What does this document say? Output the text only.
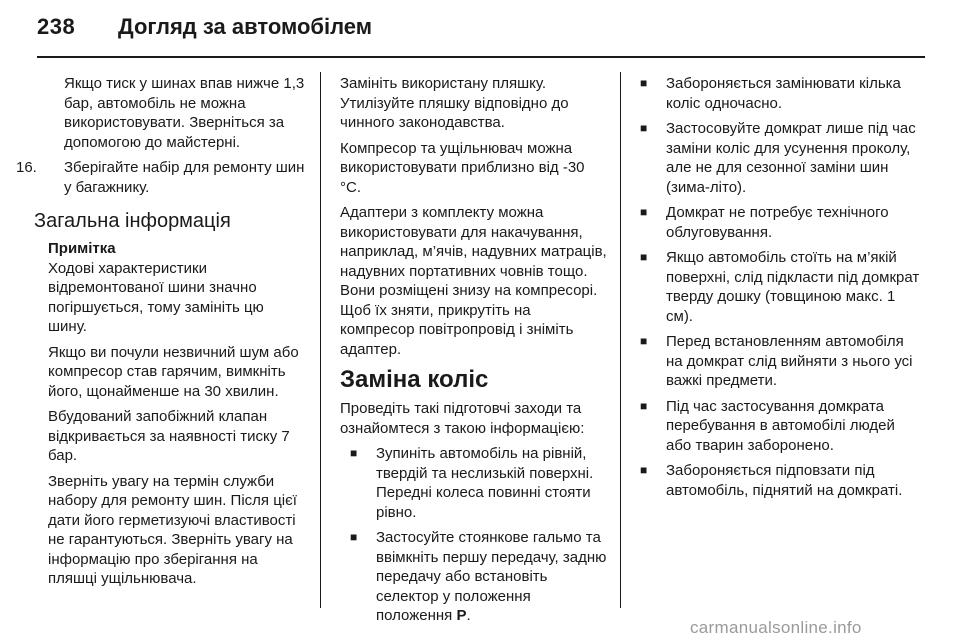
238 Догляд за автомобілем

Якщо тиск у шинах впав нижче 1,3 бар, автомобіль не можна використовувати. Зверніться за допомогою до майстерні.

16.	Зберігайте набір для ремонту шин у багажнику.
Загальна інформація
Примітка

Ходові характеристики відремонтованої шини значно погіршується, тому замініть цю шину.

Якщо ви почули незвичний шум або компресор став гарячим, вимкніть його, щонайменше на 30 хвилин.

Вбудований запобіжний клапан відкривається за наявності тиску 7 бар.

Зверніть увагу на термін служби набору для ремонту шин. Після цієї дати його герметизуючі властивості не гарантуються. Зверніть увагу на інформацію про зберігання на пляшці ущільнювача.

Замініть використану пляшку. Утилізуйте пляшку відповідно до чинного законодавства.

Компресор та ущільнювач можна використовувати приблизно від -30 °C.

Адаптери з комплекту можна використовувати для накачування, наприклад, м’ячів, надувних матраців, надувних портативних човнів тощо. Вони розміщені знизу на компресорі. Щоб їх зняти, прикрутіть на компресор повітропровід і зніміть адаптер.

Заміна коліс

Проведіть такі підготовчі заходи та ознайомтеся з такою інформацією:

■	Зупиніть автомобіль на рівній, твердій та неслизькій поверхні. Передні колеса повинні стояти рівно.
■	Застосуйте стоянкове гальмо та ввімкніть першу передачу, задню передачу або встановіть селектор у положення положення P.
■	Забороняється замінювати кілька коліс одночасно.
■	Застосовуйте домкрат лише під час заміни коліс для усунення проколу, але не для сезонної заміни шин (зима-літо).
■	Домкрат не потребує технічного облуговування.
■	Якщо автомобіль стоїть на м’якій поверхні, слід підкласти під домкрат тверду дошку (товщиною макс. 1 см).
■	Перед встановленням автомобіля на домкрат слід вийняти з нього усі важкі предмети.
■	Під час застосування домкрата перебування в автомобілі людей або тварин заборонено.
■	Забороняється підповзати під автомобіль, піднятий на домкраті.
carmanualsonline.info
